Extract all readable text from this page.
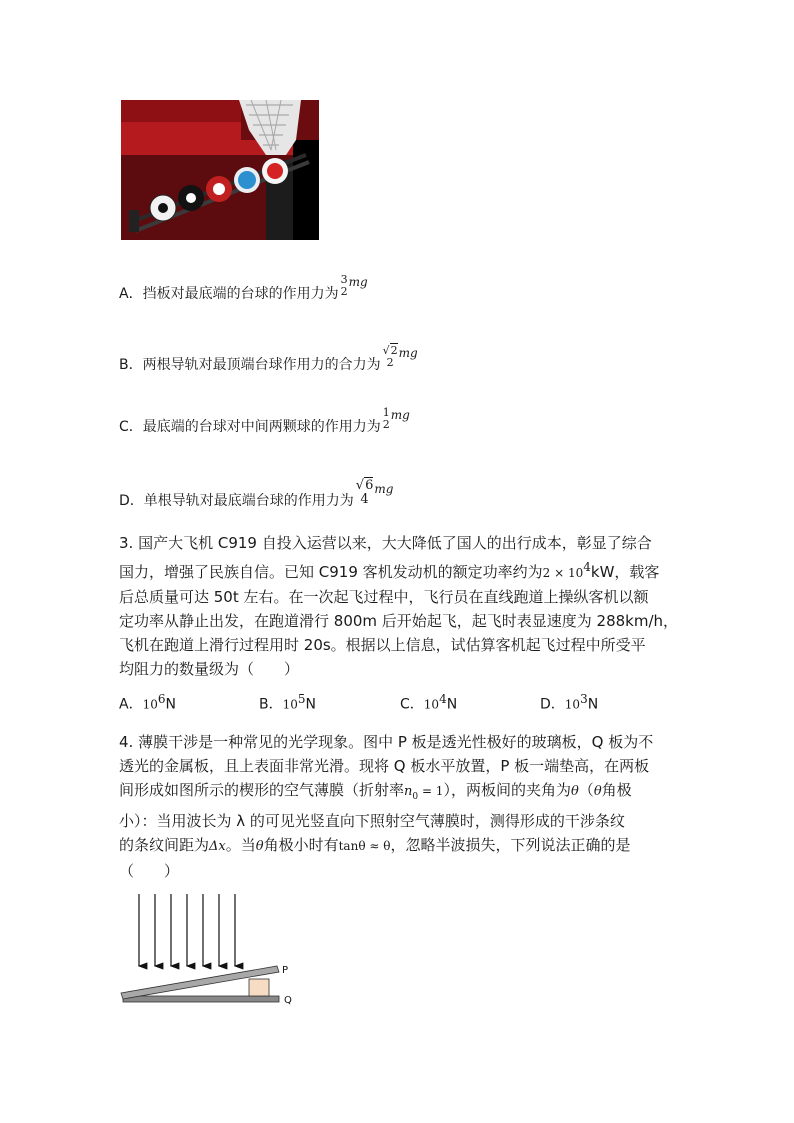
A．挡板对最底端的台球的作用力为
3
2
mg
B．两根导轨对最顶端台球作用力的合力为
√2
2
mg
C．最底端的台球对中间两颗球的作用力为
1
2
mg
D．单根导轨对最底端台球的作用力为
√6
4
mg
3. 国产大飞机 C919 自投入运营以来，大大降低了国人的出行成本，彰显了综合
国力，增强了民族自信。已知 C919 客机发动机的额定功率约为$2 \times 10^4kW$，载客
后总质量可达 50t 左右。在一次起飞过程中，飞行员在直线跑道上操纵客机以额
定功率从静止出发，在跑道滑行 800m 后开始起飞，起飞时表显速度为 288km/h，
飞机在跑道上滑行过程用时 20s。根据以上信息，试估算客机起飞过程中所受平
均阻力的数量级为（　　）
A．$10^6N$	B．$10^5N$	C．$10^4N$	D．$10^3N$
4. 薄膜干涉是一种常见的光学现象。图中 P 板是透光性极好的玻璃板，Q 板为不
透光的金属板，且上表面非常光滑。现将 Q 板水平放置，P 板一端垫高，在两板
间形成如图所示的楔形的空气薄膜（折射率$n_0 = 1$），两板间的夹角为θ（θ角极
小）：当用波长为 λ 的可见光竖直向下照射空气薄膜时，测得形成的干涉条纹
的条纹间距为Δx。当θ角极小时有tanθ ≈ θ，忽略半波损失，下列说法正确的是
（　　）
P
Q
